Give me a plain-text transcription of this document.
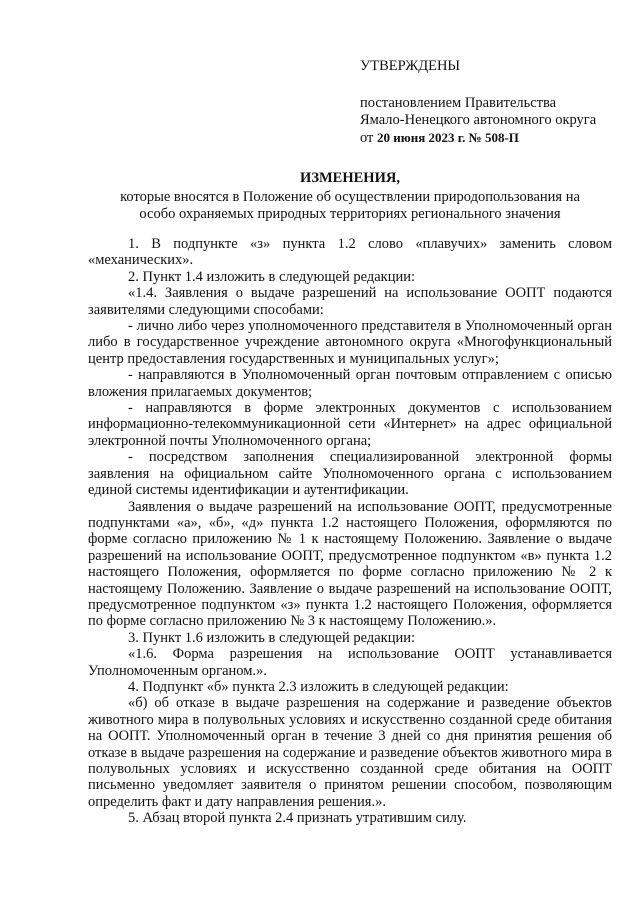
УТВЕРЖДЕНЫ

постановлением Правительства

Ямало-Ненецкого автономного округа

от 20 июня 2023 г. № 508-П

ИЗМЕНЕНИЯ,

которые вносятся в Положение об осуществлении природопользования на

особо охраняемых природных территориях регионального значения

1. В подпункте «з» пункта 1.2 слово «плавучих» заменить словом «механических».

2. Пункт 1.4 изложить в следующей редакции:

«1.4. Заявления о выдаче разрешений на использование ООПТ подаются заявителями следующими способами:

- лично либо через уполномоченного представителя в Уполномоченный орган либо в государственное учреждение автономного округа «Многофункциональный центр предоставления государственных и муниципальных услуг»;

- направляются в Уполномоченный орган почтовым отправлением с описью вложения прилагаемых документов;

- направляются в форме электронных документов с использованием информационно-телекоммуникационной сети «Интернет» на адрес официальной электронной почты Уполномоченного органа;

- посредством заполнения специализированной электронной формы заявления на официальном сайте Уполномоченного органа с использованием единой системы идентификации и аутентификации.

Заявления о выдаче разрешений на использование ООПТ, предусмотренные подпунктами «а», «б», «д» пункта 1.2 настоящего Положения, оформляются по форме согласно приложению № 1 к настоящему Положению. Заявление о выдаче разрешений на использование ООПТ, предусмотренное подпунктом «в» пункта 1.2 настоящего Положения, оформляется по форме согласно приложению № 2 к настоящему Положению. Заявление о выдаче разрешений на использование ООПТ, предусмотренное подпунктом «з» пункта 1.2 настоящего Положения, оформляется по форме согласно приложению № 3 к настоящему Положению.».

3. Пункт 1.6 изложить в следующей редакции:

«1.6. Форма разрешения на использование ООПТ устанавливается Уполномоченным органом.».

4. Подпункт «б» пункта 2.3 изложить в следующей редакции:

«б) об отказе в выдаче разрешения на содержание и разведение объектов животного мира в полувольных условиях и искусственно созданной среде обитания на ООПТ. Уполномоченный орган в течение 3 дней со дня принятия решения об отказе в выдаче разрешения на содержание и разведение объектов животного мира в полувольных условиях и искусственно созданной среде обитания на ООПТ письменно уведомляет заявителя о принятом решении способом, позволяющим определить факт и дату направления решения.».

5. Абзац второй пункта 2.4 признать утратившим силу.
